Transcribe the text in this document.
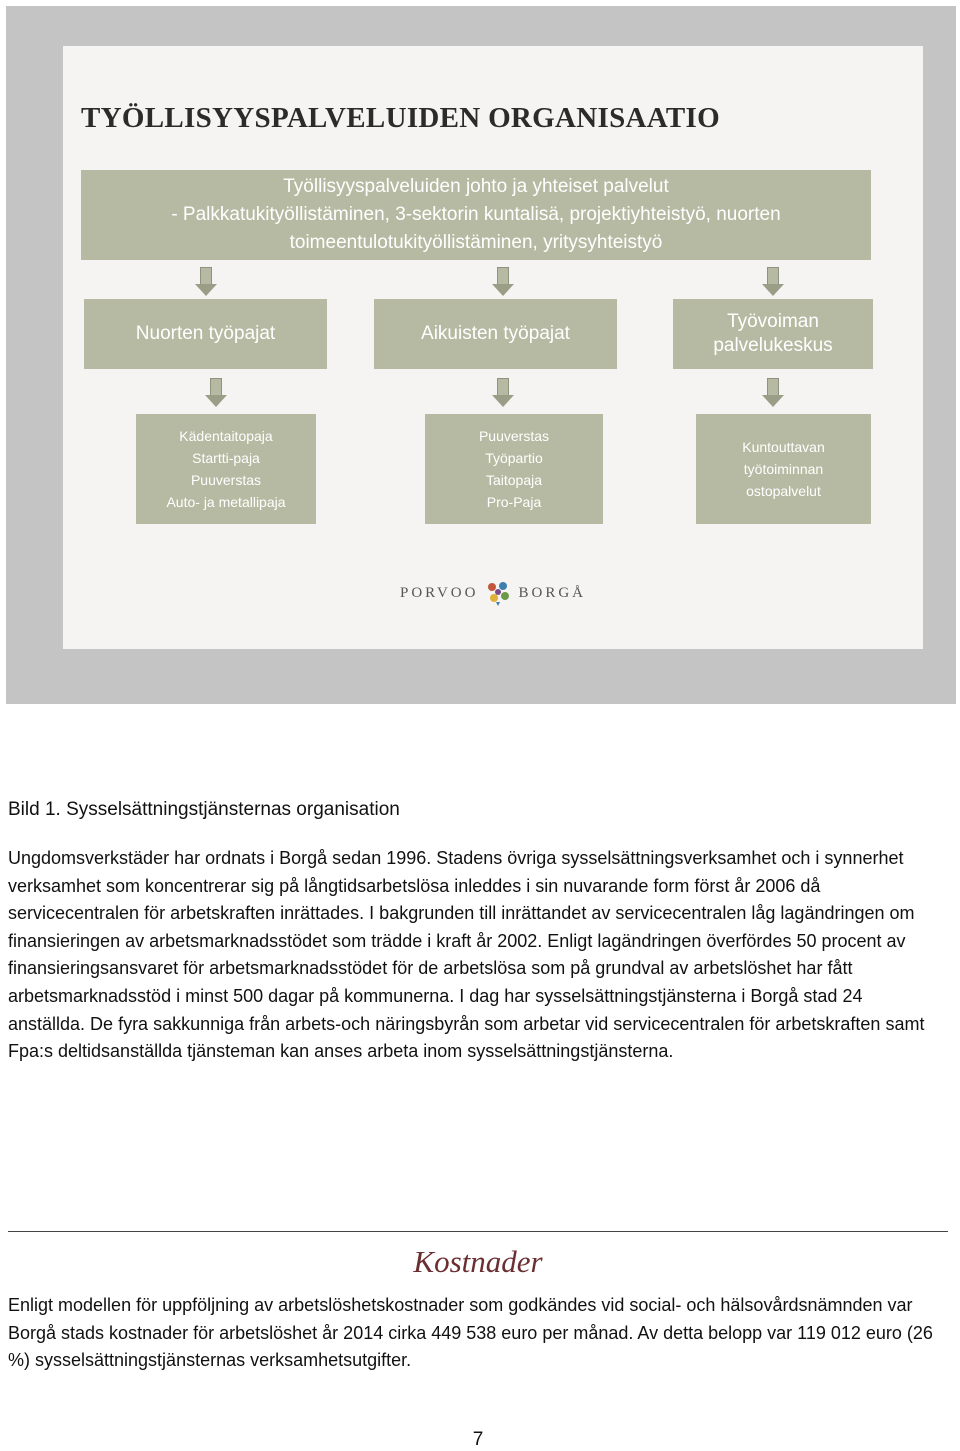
TYÖLLISYYSPALVELUIDEN ORGANISAATIO
Työllisyyspalveluiden johto ja yhteiset palvelut
- Palkkatukityöllistäminen, 3-sektorin kuntalisä, projektiyhteistyö, nuorten
toimeentulotukityöllistäminen, yritysyhteistyö
Nuorten työpajat	Aikuisten työpajat
Työvoiman
palvelukeskus
Kädentaitopaja
Startti-paja
Puuverstas
Auto- ja metallipaja
Puuverstas
Työpartio
Taitopaja
Pro-Paja
Kuntouttavan
työtoiminnan
ostopalvelut
PORVOO	BORGÅ

Bild 1. Sysselsättningstjänsternas organisation

Ungdomsverkstäder har ordnats i Borgå sedan 1996. Stadens övriga sysselsättningsverksamhet och i synnerhet verksamhet som koncentrerar sig på långtidsarbetslösa inleddes i sin nuvarande form först år 2006 då servicecentralen för arbetskraften inrättades. I bakgrunden till inrättandet av servicecentralen låg lagändringen om finansieringen av arbetsmarknadsstödet som trädde i kraft år 2002. Enligt lagändringen överfördes 50 procent av finansieringsansvaret för arbetsmarknadsstödet för de arbetslösa som på grundval av arbetslöshet har fått arbetsmarknadsstöd i minst 500 dagar på kommunerna. I dag har sysselsättningstjänsterna i Borgå stad 24 anställda. De fyra sakkunniga från arbets-och näringsbyrån som arbetar vid servicecentralen för arbetskraften samt Fpa:s deltidsanställda tjänsteman kan anses arbeta inom sysselsättningstjänsterna.

Kostnader

Enligt modellen för uppföljning av arbetslöshetskostnader som godkändes vid social- och hälsovårdsnämnden var Borgå stads kostnader för arbetslöshet år 2014 cirka 449 538 euro per månad. Av detta belopp var 119 012 euro (26 %) sysselsättningstjänsternas verksamhetsutgifter.

7
